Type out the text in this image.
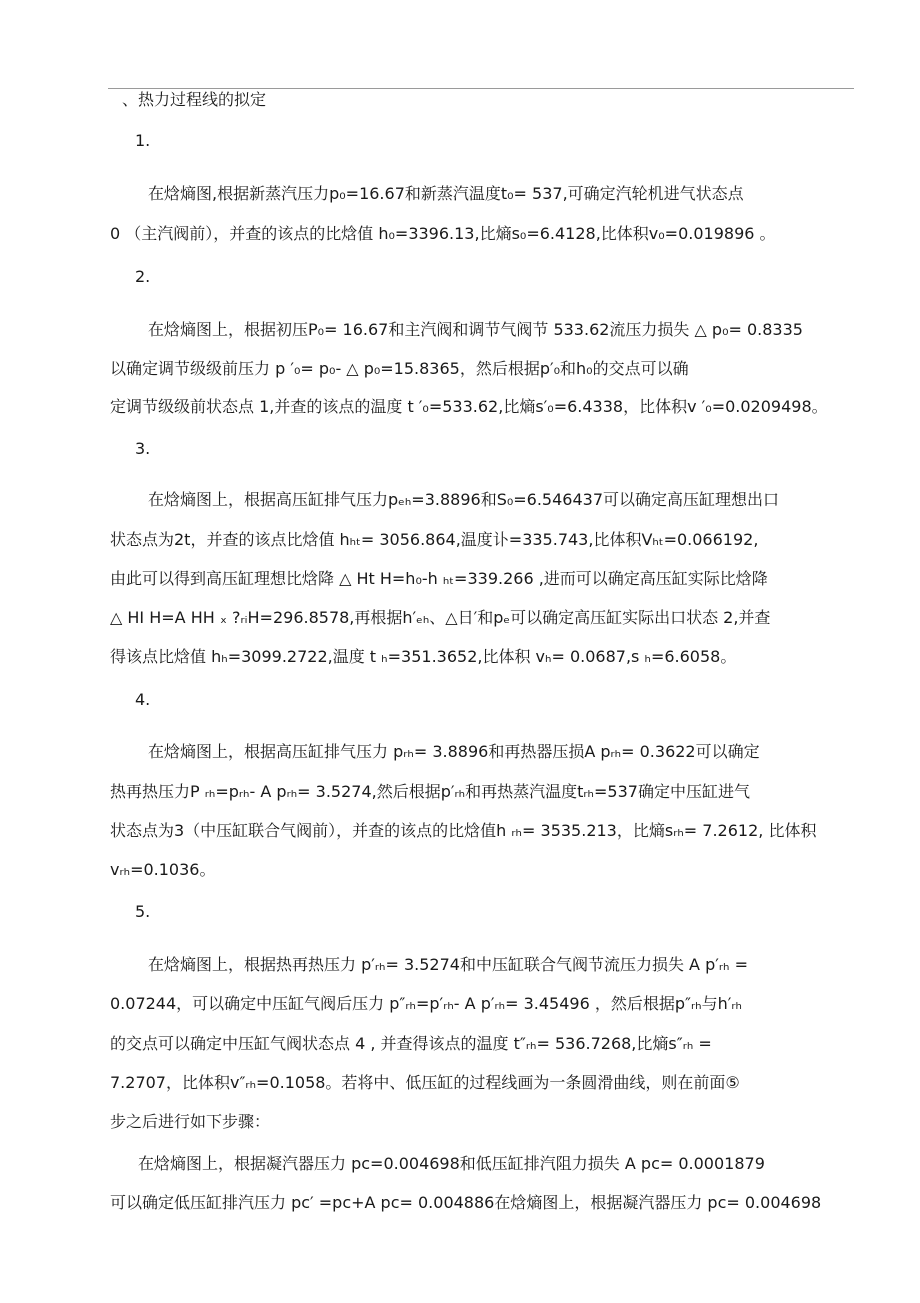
、热力过程线的拟定
1.
在焓熵图,根据新蒸汽压力p₀=16.67和新蒸汽温度t₀= 537,可确定汽轮机进气状态点
0 （主汽阀前），并查的该点的比焓值 h₀=3396.13,比熵s₀=6.4128,比体积v₀=0.019896 。
2.
在焓熵图上，根据初压P₀= 16.67和主汽阀和调节气阀节 533.62流压力损失 △ p₀= 0.8335
以确定调节级级前压力 p ′₀= p₀- △ p₀=15.8365，然后根据p′₀和h₀的交点可以确
定调节级级前状态点 1,并查的该点的温度 t ′₀=533.62,比熵s′₀=6.4338，比体积v ′₀=0.0209498。
3.
在焓熵图上，根据高压缸排气压力pₑₕ=3.8896和S₀=6.546437可以确定高压缸理想出口
状态点为2t，并查的该点比焓值 hₕₜ= 3056.864,温度讣=335.743,比体积Vₕₜ=0.066192,
由此可以得到高压缸理想比焓降 △ Ht H=h₀-h ₕₜ=339.266 ,进而可以确定高压缸实际比焓降
△ HI H=A HH ₓ ?ᵣᵢH=296.8578,再根据h′ₑₕ、△日′和pₑ可以确定高压缸实际出口状态 2,并查
得该点比焓值 hₕ=3099.2722,温度 t ₕ=351.3652,比体积 vₕ= 0.0687,s ₕ=6.6058。
4.
在焓熵图上，根据高压缸排气压力 pᵣₕ= 3.8896和再热器压损A pᵣₕ= 0.3622可以确定
热再热压力P ᵣₕ=pᵣₕ- A pᵣₕ= 3.5274,然后根据p′ᵣₕ和再热蒸汽温度tᵣₕ=537确定中压缸进气
状态点为3（中压缸联合气阀前），并查的该点的比焓值h ᵣₕ= 3535.213，比熵sᵣₕ= 7.2612, 比体积
vᵣₕ=0.1036。
5.
在焓熵图上，根据热再热压力 p′ᵣₕ= 3.5274和中压缸联合气阀节流压力损失 A p′ᵣₕ =
0.07244，可以确定中压缸气阀后压力 p″ᵣₕ=p′ᵣₕ- A p′ᵣₕ= 3.45496 ，然后根据p″ᵣₕ与h′ᵣₕ
的交点可以确定中压缸气阀状态点 4 , 并查得该点的温度 t″ᵣₕ= 536.7268,比熵s″ᵣₕ =
7.2707，比体积v″ᵣₕ=0.1058。若将中、低压缸的过程线画为一条圆滑曲线，则在前面⑤
步之后进行如下步骤：
在焓熵图上，根据凝汽器压力 pc=0.004698和低压缸排汽阻力损失 A pc= 0.0001879
可以确定低压缸排汽压力 pc′ =pc+A pc= 0.004886在焓熵图上，根据凝汽器压力 pc= 0.004698
